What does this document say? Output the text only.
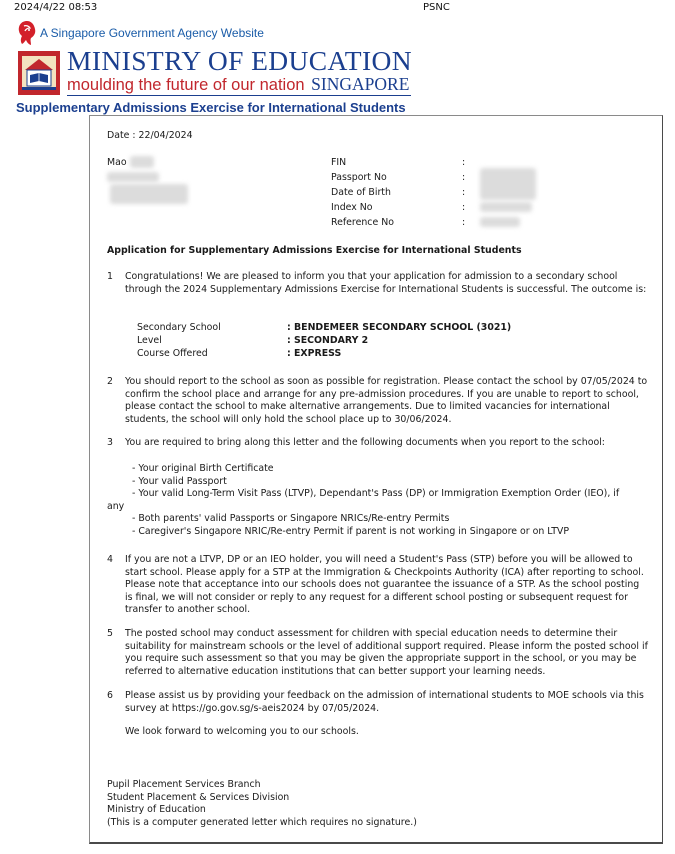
2024/4/22 08:53	PSNC
A Singapore Government Agency Website
MINISTRY OF EDUCATION
moulding the future of our nation SINGAPORE
Supplementary Admissions Exercise for International Students
Date : 22/04/2024
Mao	FIN	:
Passport No	:
Date of Birth	:
Index No	:
Reference No	:
Application for Supplementary Admissions Exercise for International Students
1 Congratulations! We are pleased to inform you that your application for admission to a secondary school through the 2024 Supplementary Admissions Exercise for International Students is successful. The outcome is:
Secondary School	: BENDEMEER SECONDARY SCHOOL (3021)
Level	: SECONDARY 2
Course Offered	: EXPRESS
2 You should report to the school as soon as possible for registration. Please contact the school by 07/05/2024 to confirm the school place and arrange for any pre-admission procedures. If you are unable to report to school, please contact the school to make alternative arrangements. Due to limited vacancies for international students, the school will only hold the school place up to 30/06/2024.
3 You are required to bring along this letter and the following documents when you report to the school:
- Your original Birth Certificate
- Your valid Passport
- Your valid Long-Term Visit Pass (LTVP), Dependant's Pass (DP) or Immigration Exemption Order (IEO), if
any
- Both parents' valid Passports or Singapore NRICs/Re-entry Permits
- Caregiver's Singapore NRIC/Re-entry Permit if parent is not working in Singapore or on LTVP
4 If you are not a LTVP, DP or an IEO holder, you will need a Student's Pass (STP) before you will be allowed to start school. Please apply for a STP at the Immigration & Checkpoints Authority (ICA) after reporting to school. Please note that acceptance into our schools does not guarantee the issuance of a STP. As the school posting is final, we will not consider or reply to any request for a different school posting or subsequent request for transfer to another school.
5 The posted school may conduct assessment for children with special education needs to determine their suitability for mainstream schools or the level of additional support required. Please inform the posted school if you require such assessment so that you may be given the appropriate support in the school, or you may be referred to alternative education institutions that can better support your learning needs.
6 Please assist us by providing your feedback on the admission of international students to MOE schools via this survey at https://go.gov.sg/s-aeis2024 by 07/05/2024.
We look forward to welcoming you to our schools.
Pupil Placement Services Branch
Student Placement & Services Division
Ministry of Education
(This is a computer generated letter which requires no signature.)
